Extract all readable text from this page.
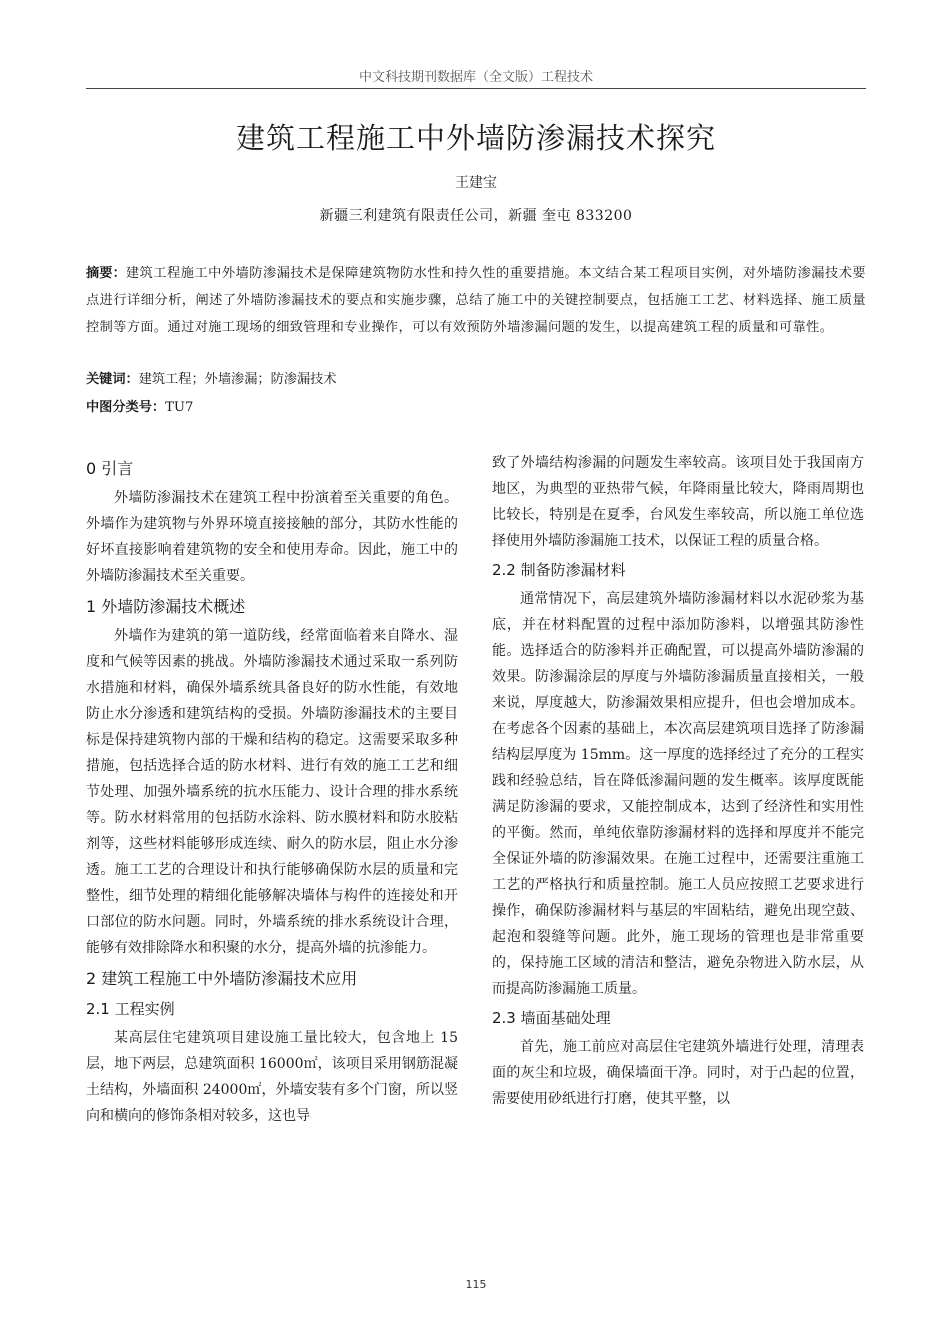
中文科技期刊数据库（全文版）工程技术
建筑工程施工中外墙防渗漏技术探究
王建宝
新疆三利建筑有限责任公司，新疆 奎屯 833200
摘要：建筑工程施工中外墙防渗漏技术是保障建筑物防水性和持久性的重要措施。本文结合某工程项目实例，对外墙防渗漏技术要点进行详细分析，阐述了外墙防渗漏技术的要点和实施步骤，总结了施工中的关键控制要点，包括施工工艺、材料选择、施工质量控制等方面。通过对施工现场的细致管理和专业操作，可以有效预防外墙渗漏问题的发生，以提高建筑工程的质量和可靠性。
关键词：建筑工程；外墙渗漏；防渗漏技术
中图分类号：TU7
0 引言

外墙防渗漏技术在建筑工程中扮演着至关重要的角色。外墙作为建筑物与外界环境直接接触的部分，其防水性能的好坏直接影响着建筑物的安全和使用寿命。因此，施工中的外墙防渗漏技术至关重要。

1 外墙防渗漏技术概述

外墙作为建筑的第一道防线，经常面临着来自降水、湿度和气候等因素的挑战。外墙防渗漏技术通过采取一系列防水措施和材料，确保外墙系统具备良好的防水性能，有效地防止水分渗透和建筑结构的受损。外墙防渗漏技术的主要目标是保持建筑物内部的干燥和结构的稳定。这需要采取多种措施，包括选择合适的防水材料、进行有效的施工工艺和细节处理、加强外墙系统的抗水压能力、设计合理的排水系统等。防水材料常用的包括防水涂料、防水膜材料和防水胶粘剂等，这些材料能够形成连续、耐久的防水层，阻止水分渗透。施工工艺的合理设计和执行能够确保防水层的质量和完整性，细节处理的精细化能够解决墙体与构件的连接处和开口部位的防水问题。同时，外墙系统的排水系统设计合理，能够有效排除降水和积聚的水分，提高外墙的抗渗能力。

2 建筑工程施工中外墙防渗漏技术应用
2.1 工程实例

某高层住宅建筑项目建设施工量比较大，包含地上 15 层，地下两层，总建筑面积 16000㎡，该项目采用钢筋混凝土结构，外墙面积 24000㎡，外墙安装有多个门窗，所以竖向和横向的修饰条相对较多，这也导

致了外墙结构渗漏的问题发生率较高。该项目处于我国南方地区，为典型的亚热带气候，年降雨量比较大，降雨周期也比较长，特别是在夏季，台风发生率较高，所以施工单位选择使用外墙防渗漏施工技术，以保证工程的质量合格。

2.2 制备防渗漏材料

通常情况下，高层建筑外墙防渗漏材料以水泥砂浆为基底，并在材料配置的过程中添加防渗料，以增强其防渗性能。选择适合的防渗料并正确配置，可以提高外墙防渗漏的效果。防渗漏涂层的厚度与外墙防渗漏质量直接相关，一般来说，厚度越大，防渗漏效果相应提升，但也会增加成本。在考虑各个因素的基础上，本次高层建筑项目选择了防渗漏结构层厚度为 15mm。这一厚度的选择经过了充分的工程实践和经验总结，旨在降低渗漏问题的发生概率。该厚度既能满足防渗漏的要求，又能控制成本，达到了经济性和实用性的平衡。然而，单纯依靠防渗漏材料的选择和厚度并不能完全保证外墙的防渗漏效果。在施工过程中，还需要注重施工工艺的严格执行和质量控制。施工人员应按照工艺要求进行操作，确保防渗漏材料与基层的牢固粘结，避免出现空鼓、起泡和裂缝等问题。此外，施工现场的管理也是非常重要的，保持施工区域的清洁和整洁，避免杂物进入防水层，从而提高防渗漏施工质量。

2.3 墙面基础处理

首先，施工前应对高层住宅建筑外墙进行处理，清理表面的灰尘和垃圾，确保墙面干净。同时，对于凸起的位置，需要使用砂纸进行打磨，使其平整，以

115
